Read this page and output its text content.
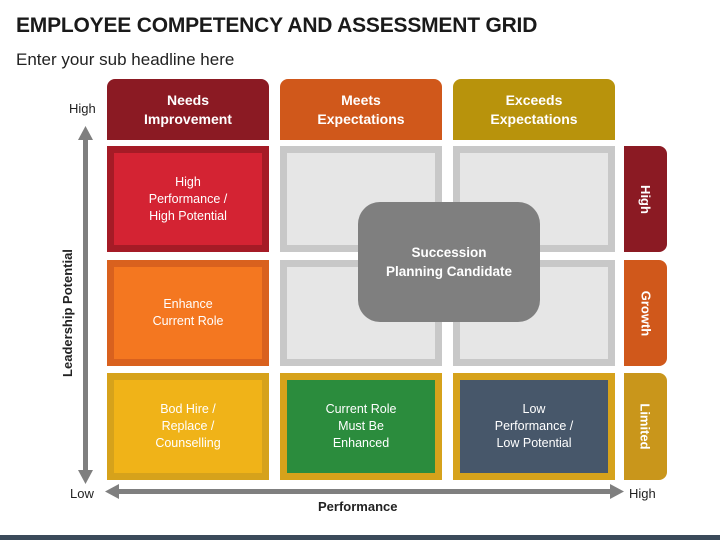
EMPLOYEE COMPETENCY AND ASSESSMENT GRID
Enter your sub headline here
Needs
Improvement
Meets
Expectations
Exceeds
Expectations
High
Performance /
High Potential
Enhance
Current Role
Bod Hire /
Replace /
Counselling
Current Role
Must Be
Enhanced
Low
Performance /
Low Potential
Succession
Planning Candidate
High
Growth
Limited
High
Low	High
Performance
Leadership Potential
